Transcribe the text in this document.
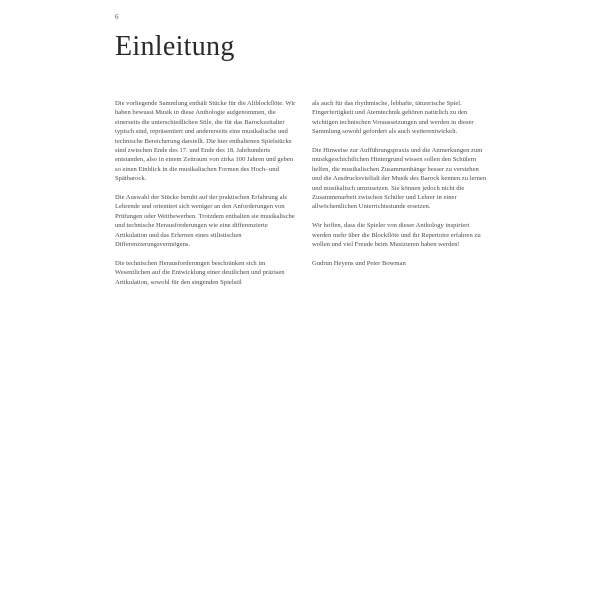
6
Einleitung

Die vorliegende Sammlung enthält Stücke für die Altblockflöte. Wir haben bewusst Musik in diese Anthologie aufgenommen, die einerseits die unterschiedlichen Stile, die für das Barockzeitalter typisch sind, repräsentiert und andererseits eine musikalische und technische Bereicherung darstellt. Die hier enthaltenen Spielstücke sind zwischen Ende des 17. und Ende des 18. Jahrhunderts entstanden, also in einem Zeitraum von zirka 100 Jahren und geben so einen Einblick in die musikalischen Formen des Hoch- und Spätbarock.

Die Auswahl der Stücke beruht auf der praktischen Erfahrung als Lehrende und orientiert sich weniger an den Anforderungen von Prüfungen oder Wettbewerben. Trotzdem enthalten sie musikalische und technische Herausforderungen wie eine differenzierte Artikulation und das Erlernen eines stilistischen Differenzierungsvermögens.

Die technischen Herausforderungen beschränken sich im Wesentlichen auf die Entwicklung einer deutlichen und präzisen Artikulation, sowohl für den singenden Spielstil

als auch für das rhythmische, lebhafte, tänzerische Spiel. Fingerfertigkeit und Atemtechnik gehören natürlich zu den wichtigen technischen Voraussetzungen und werden in dieser Sammlung sowohl gefordert als auch weiterentwickelt.

Die Hinweise zur Aufführungspraxis und die Anmerkungen zum musikgeschichtlichen Hintergrund wissen sollen den Schülern helfen, die musikalischen Zusammenhänge besser zu verstehen und die Ausdrucksvielfalt der Musik des Barock kennen zu lernen und musikalisch umzusetzen. Sie können jedoch nicht die Zusammenarbeit zwischen Schüler und Lehrer in einer allwöchentlichen Unterrichtsstunde ersetzen.

Wir hoffen, dass die Spieler von dieser Anthology inspiriert werden mehr über die Blockflöte und ihr Repertoire erfahren zu wollen und viel Freude beim Musizieren haben werden!

Gudrun Heyens und Peter Bowman
